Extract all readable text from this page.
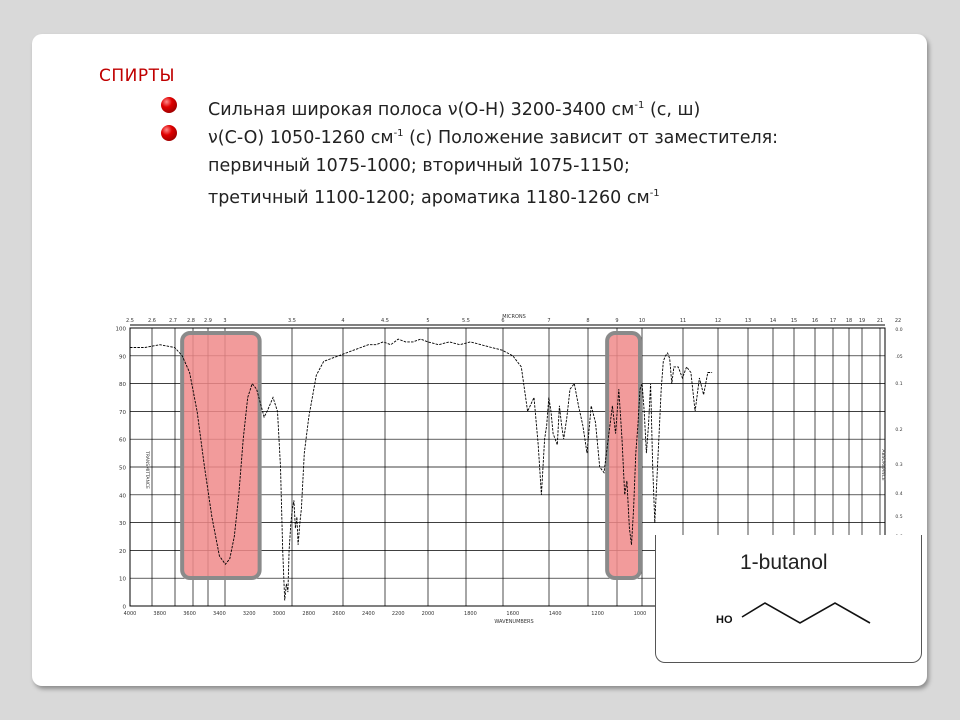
СПИРТЫ
Сильная широкая полоса ν(O-H) 3200-3400 $см^{-1}$ (с, ш)
ν(C-O) 1050-1260 $см^{-1}$ (с) Положение зависит от заместителя:
первичный 1075-1000; вторичный 1075-1150;
третичный 1100-1200; ароматика 1180-1260 $см^{-1}$
0
10
20
30
40
50
60
70
80
90
100
2.5	2.6	2.7 2.8 2.9 3	3.5	4	4.5	5	5.5	6	7	8	9	10	11	12	13	14	15	16 17 18 19 21 22
MICRONS
4000	3800	3600	3400	3200	3000	2800	2600	2400	2200	2000	1800	1600	1400	1200	1000
WAVENUMBERS
TRANSMITTANCE
0.0
.05
0.1
0.2
0.3
0.4
0.5
ABSORBANCE
1-butanol
HO
